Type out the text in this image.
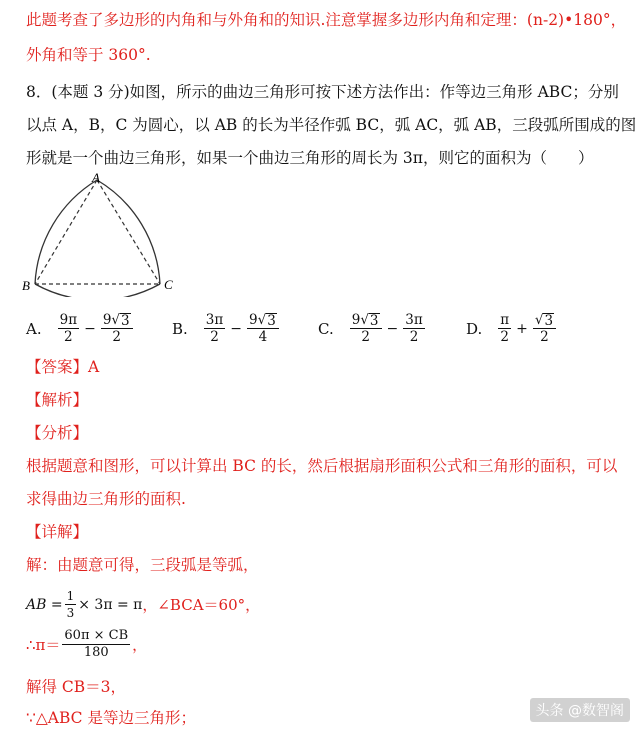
此题考查了多边形的内角和与外角和的知识.注意掌握多边形内角和定理：(n-2)•180°，
外角和等于 360°.
8．(本题 3 分)如图，所示的曲边三角形可按下述方法作出：作等边三角形 ABC；分别
以点 A，B，C 为圆心，以 AB 的长为半径作弧 BC，弧 AC，弧 AB，三段弧所围成的图
形就是一个曲边三角形，如果一个曲边三角形的周长为 3π，则它的面积为（　　）
A
B	C
A. $\frac{9\pi}{2} - \frac{9√ 3}{2}$	B. $\frac{3\pi}{2} - \frac{9√ 3}{4}$	C. $\frac{9√ 3}{2} - \frac{3\pi}{2}$	D. $\frac{\pi}{2} + \frac{√ 3}{2}$
【答案】A
【解析】
【分析】
根据题意和图形，可以计算出 BC 的长，然后根据扇形面积公式和三角形的面积，可以
求得曲边三角形的面积.
【详解】
解：由题意可得，三段弧是等弧，
AB = $\frac{1}{3} \times 3\pi = \pi$ ，∠BCA＝60°，
∴π＝ $\frac{60\pi \times CB}{180}$ ，
解得 CB＝3，
∵△ABC 是等边三角形；	头条 @数智阁
